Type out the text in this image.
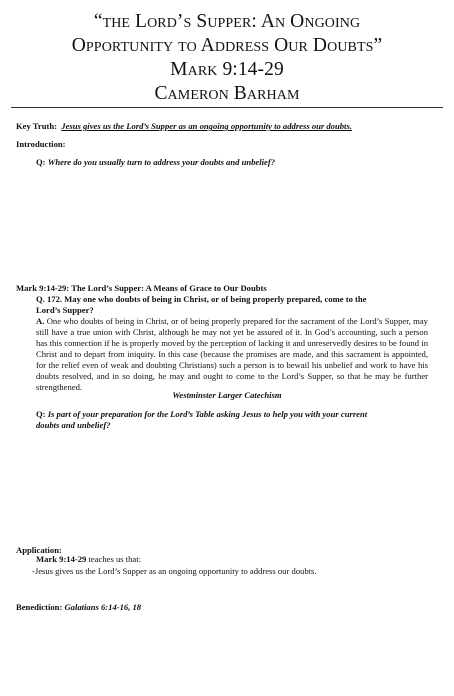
“the Lord’s Supper: An Ongoing
Opportunity to Address Our Doubts”
Mark 9:14-29
Cameron Barham
Key Truth: Jesus gives us the Lord’s Supper as an ongoing opportunity to address our doubts.
Introduction:
Q: Where do you usually turn to address your doubts and unbelief?
Mark 9:14-29: The Lord’s Supper: A Means of Grace to Our Doubts
Q. 172. May one who doubts of being in Christ, or of being properly prepared, come to the
Lord’s Supper?
A. One who doubts of being in Christ, or of being properly prepared for the sacrament of the Lord’s Supper, may still have a true union with Christ, although he may not yet be assured of it. In God’s accounting, such a person has this connection if he is properly moved by the perception of lacking it and unreservedly desires to be found in Christ and to depart from iniquity. In this case (because the promises are made, and this sacrament is appointed, for the relief even of weak and doubting Christians) such a person is to bewail his unbelief and work to have his doubts resolved, and in so doing, he may and ought to come to the Lord’s Supper, so that he may be further strengthened.
Westminster Larger Catechism
Q: Is part of your preparation for the Lord’s Table asking Jesus to help you with your current
doubts and unbelief?
Application:
Mark 9:14-29 teaches us that:
-Jesus gives us the Lord’s Supper as an ongoing opportunity to address our doubts.
Benediction: Galatians 6:14-16, 18
